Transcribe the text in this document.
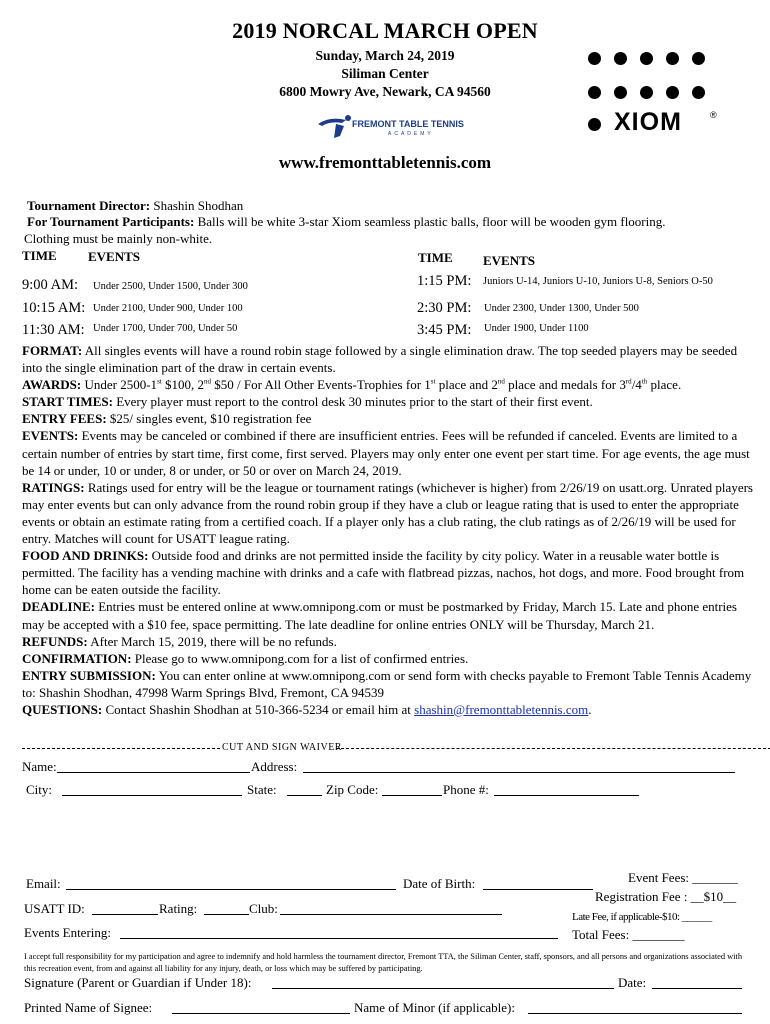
2019 NORCAL MARCH OPEN
Sunday, March 24, 2019
Siliman Center
6800 Mowry Ave, Newark, CA 94560
FREMONT TABLE TENNIS
ACADEMY
www.fremonttabletennis.com
XIOM	®
Tournament Director: Shashin Shodhan
For Tournament Participants: Balls will be white 3-star Xiom seamless plastic balls, floor will be wooden gym flooring.
Clothing must be mainly non-white.
TIME EVENTS	TIME EVENTS
9:00 AM: Under 2500, Under 1500, Under 300
10:15 AM: Under 2100, Under 900, Under 100
11:30 AM: Under 1700, Under 700, Under 50
1:15 PM: Juniors U-14, Juniors U-10, Juniors U-8, Seniors O-50
2:30 PM: Under 2300, Under 1300, Under 500
3:45 PM: Under 1900, Under 1100
FORMAT: All singles events will have a round robin stage followed by a single elimination draw. The top seeded players may be seeded into the single elimination part of the draw in certain events.
AWARDS: Under 2500-1st $100, 2nd $50 / For All Other Events-Trophies for 1st place and 2nd place and medals for 3rd/4th place.
START TIMES: Every player must report to the control desk 30 minutes prior to the start of their first event.
ENTRY FEES: $25/ singles event, $10 registration fee
EVENTS: Events may be canceled or combined if there are insufficient entries. Fees will be refunded if canceled. Events are limited to a certain number of entries by start time, first come, first served. Players may only enter one event per start time. For age events, the age must be 14 or under, 10 or under, 8 or under, or 50 or over on March 24, 2019.
RATINGS: Ratings used for entry will be the league or tournament ratings (whichever is higher) from 2/26/19 on usatt.org. Unrated players may enter events but can only advance from the round robin group if they have a club or league rating that is used to enter the appropriate events or obtain an estimate rating from a certified coach. If a player only has a club rating, the club ratings as of 2/26/19 will be used for entry. Matches will count for USATT league rating.
FOOD AND DRINKS: Outside food and drinks are not permitted inside the facility by city policy. Water in a reusable water bottle is permitted. The facility has a vending machine with drinks and a cafe with flatbread pizzas, nachos, hot dogs, and more. Food brought from home can be eaten outside the facility.
DEADLINE: Entries must be entered online at www.omnipong.com or must be postmarked by Friday, March 15. Late and phone entries may be accepted with a $10 fee, space permitting. The late deadline for online entries ONLY will be Thursday, March 21.
REFUNDS: After March 15, 2019, there will be no refunds.
CONFIRMATION: Please go to www.omnipong.com for a list of confirmed entries.
ENTRY SUBMISSION: You can enter online at www.omnipong.com or send form with checks payable to Fremont Table Tennis Academy to: Shashin Shodhan, 47998 Warm Springs Blvd, Fremont, CA 94539
QUESTIONS: Contact Shashin Shodhan at 510-366-5234 or email him at shashin@fremonttabletennis.com.
CUT AND SIGN WAIVER
Name:	Address:
City:	State:	Zip Code:	Phone #:
Event Fees: _______
Registration Fee : __$10__
Email:	Date of Birth:
USATT ID:	Rating:	Club:
Late Fee, if applicable-$10: ______
Events Entering:	Total Fees: ________
I accept full responsibility for my participation and agree to indemnify and hold harmless the tournament director, Fremont TTA, the Siliman Center, staff, sponsors, and all persons and organizations associated with this recreation event, from and against all liability for any injury, death, or loss which may be suffered by participating.
Signature (Parent or Guardian if Under 18):	Date:
Printed Name of Signee:	Name of Minor (if applicable):
